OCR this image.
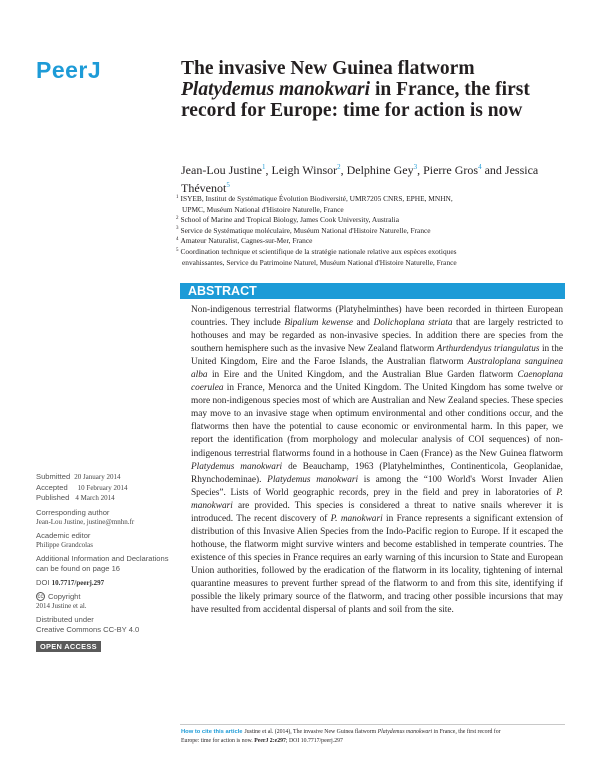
PeerJ	The invasive New Guinea flatworm
Platydemus manokwari in France, the first record for Europe: time for action is now
Jean-Lou Justine$^1$, Leigh Winsor$^2$, Delphine Gey$^3$, Pierre Gros$^4$ and Jessica Thévenot$^5$
$^1$ ISYEB, Institut de Systématique Évolution Biodiversité, UMR7205 CNRS, EPHE, MNHN,
UPMC, Muséum National d'Histoire Naturelle, France
$^2$ School of Marine and Tropical Biology, James Cook University, Australia
$^3$ Service de Systématique moléculaire, Muséum National d'Histoire Naturelle, France
$^4$ Amateur Naturalist, Cagnes-sur-Mer, France
$^5$ Coordination technique et scientifique de la stratégie nationale relative aux espèces exotiques
envahissantes, Service du Patrimoine Naturel, Muséum National d'Histoire Naturelle, France
ABSTRACT
Non-indigenous terrestrial flatworms (Platyhelminthes) have been recorded in thirteen European countries. They include Bipalium kewense and Dolichoplana striata that are largely restricted to hothouses and may be regarded as non-invasive species. In addition there are species from the southern hemisphere such as the invasive New Zealand flatworm Arthurdendyus triangulatus in the United Kingdom, Eire and the Faroe Islands, the Australian flatworm Australoplana sanguinea alba in Eire and the United Kingdom, and the Australian Blue Garden flatworm Caenoplana coerulea in France, Menorca and the United Kingdom. The United Kingdom has some twelve or more non-indigenous species most of which are Australian and New Zealand species. These species may move to an invasive stage when optimum environmental and other conditions occur, and the flatworms then have the potential to cause economic or environmental harm. In this paper, we report the identification (from morphology and molecular analysis of COI sequences) of non-indigenous terrestrial flatworms found in a hothouse in Caen (France) as the New Guinea flatworm Platydemus manokwari de Beauchamp, 1963 (Platyhelminthes, Continenticola, Geoplanidae, Rhynchodeminae). Platydemus manokwari is among the “100 World's Worst Invader Alien Species”. Lists of World geographic records, prey in the field and prey in laboratories of P. manokwari are provided. This species is considered a threat to native snails wherever it is introduced. The recent discovery of P. manokwari in France represents a significant extension of distribution of this Invasive Alien Species from the Indo-Pacific region to Europe. If it escaped the hothouse, the flatworm might survive winters and become established in temperate countries. The existence of this species in France requires an early warning of this incursion to State and European Union authorities, followed by the eradication of the flatworm in its locality, tightening of internal quarantine measures to prevent further spread of the flatworm to and from this site, identifying if possible the likely primary source of the flatworm, and tracing other possible incursions that may have resulted from accidental dispersal of plants and soil from the site.
Submitted 20 January 2014
Accepted 10 February 2014
Published 4 March 2014
Corresponding author
Jean-Lou Justine, justine@mnhn.fr
Academic editor
Philippe Grandcolas
Additional Information and Declarations can be found on page 16
DOI 10.7717/peerj.297
cc Copyright
2014 Justine et al.
Distributed under
Creative Commons CC-BY 4.0
OPEN ACCESS
How to cite this article Justine et al. (2014), The invasive New Guinea flatworm Platydemus manokwari in France, the first record for
Europe: time for action is now. PeerJ 2:e297; DOI 10.7717/peerj.297
